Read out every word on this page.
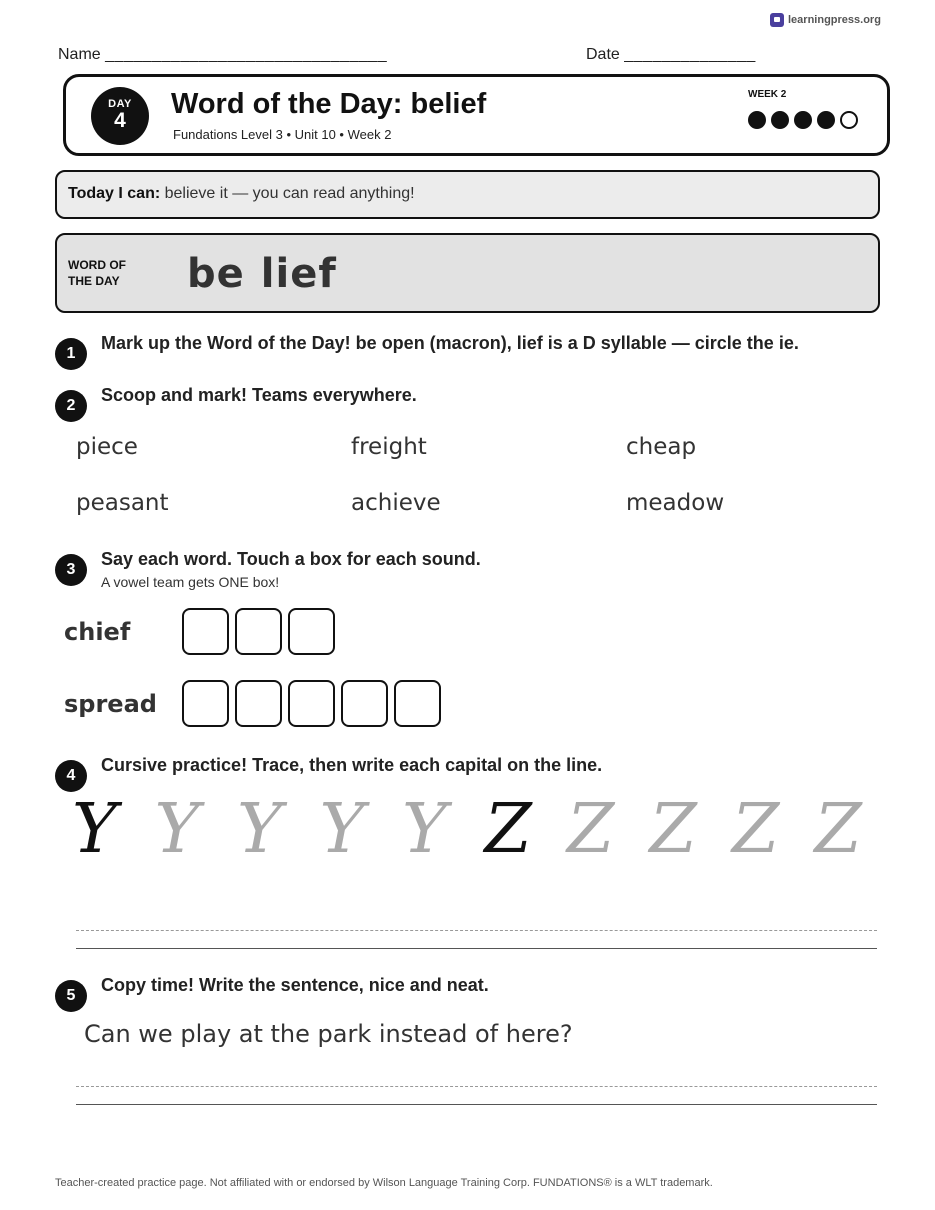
learningpress.org
Name ______________________________	Date ______________
DAY
4
Word of the Day: belief
Fundations Level 3 • Unit 10 • Week 2
WEEK 2
Today I can: believe it — you can read anything!
WORD OF
THE DAY be lief
1
Mark up the Word of the Day! be open (macron), lief is a D syllable — circle the ie.
2
Scoop and mark! Teams everywhere.
piece	freight	cheap
peasant	achieve	meadow
3
Say each word. Touch a box for each sound.
A vowel team gets ONE box!
chief
spread
4
Cursive practice! Trace, then write each capital on the line.
Y Y Y Y Y Z Z Z Z Z
5
Copy time! Write the sentence, nice and neat.
Can we play at the park instead of here?
Teacher-created practice page. Not affiliated with or endorsed by Wilson Language Training Corp. FUNDATIONS® is a WLT trademark.
